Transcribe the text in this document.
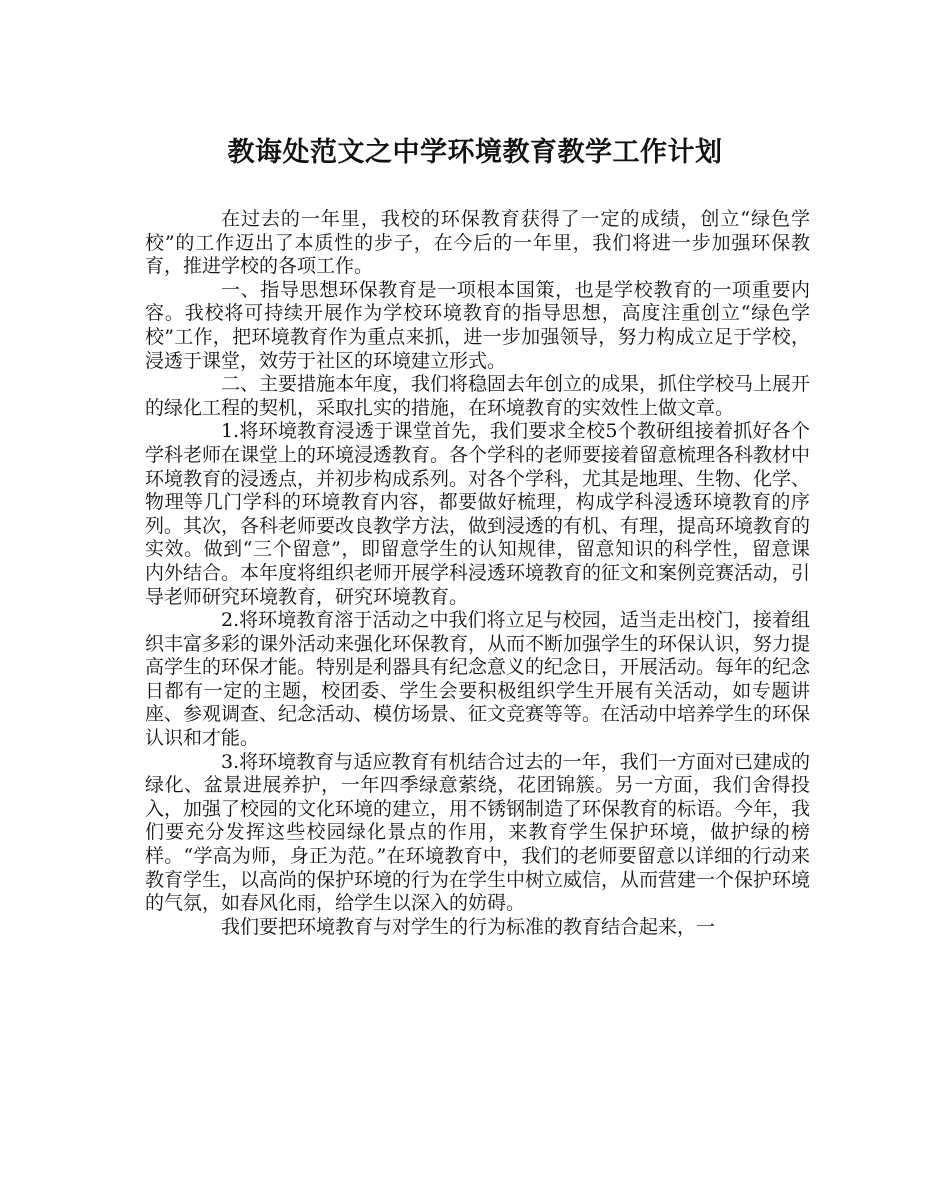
教诲处范文之中学环境教育教学工作计划

在过去的一年里，我校的环保教育获得了一定的成绩，创立“绿色学校”的工作迈出了本质性的步子，在今后的一年里，我们将进一步加强环保教育，推进学校的各项工作。

一、指导思想环保教育是一项根本国策，也是学校教育的一项重要内容。我校将可持续开展作为学校环境教育的指导思想，高度注重创立“绿色学校”工作，把环境教育作为重点来抓，进一步加强领导，努力构成立足于学校，浸透于课堂，效劳于社区的环境建立形式。

二、主要措施本年度，我们将稳固去年创立的成果，抓住学校马上展开的绿化工程的契机，采取扎实的措施，在环境教育的实效性上做文章。

1.将环境教育浸透于课堂首先，我们要求全校5个教研组接着抓好各个学科老师在课堂上的环境浸透教育。各个学科的老师要接着留意梳理各科教材中环境教育的浸透点，并初步构成系列。对各个学科，尤其是地理、生物、化学、物理等几门学科的环境教育内容，都要做好梳理，构成学科浸透环境教育的序列。其次，各科老师要改良教学方法，做到浸透的有机、有理，提高环境教育的实效。做到“三个留意”，即留意学生的认知规律，留意知识的科学性，留意课内外结合。本年度将组织老师开展学科浸透环境教育的征文和案例竞赛活动，引导老师研究环境教育，研究环境教育。

2.将环境教育溶于活动之中我们将立足与校园，适当走出校门，接着组织丰富多彩的课外活动来强化环保教育，从而不断加强学生的环保认识，努力提高学生的环保才能。特别是利器具有纪念意义的纪念日，开展活动。每年的纪念日都有一定的主题，校团委、学生会要积极组织学生开展有关活动，如专题讲座、参观调查、纪念活动、模仿场景、征文竞赛等等。在活动中培养学生的环保认识和才能。

3.将环境教育与适应教育有机结合过去的一年，我们一方面对已建成的绿化、盆景进展养护，一年四季绿意萦绕，花团锦簇。另一方面，我们舍得投入，加强了校园的文化环境的建立，用不锈钢制造了环保教育的标语。今年，我们要充分发挥这些校园绿化景点的作用，来教育学生保护环境，做护绿的榜样。“学高为师，身正为范。”在环境教育中，我们的老师要留意以详细的行动来教育学生，以高尚的保护环境的行为在学生中树立威信，从而营建一个保护环境的气氛，如春风化雨，给学生以深入的妨碍。

我们要把环境教育与对学生的行为标准的教育结合起来，一
